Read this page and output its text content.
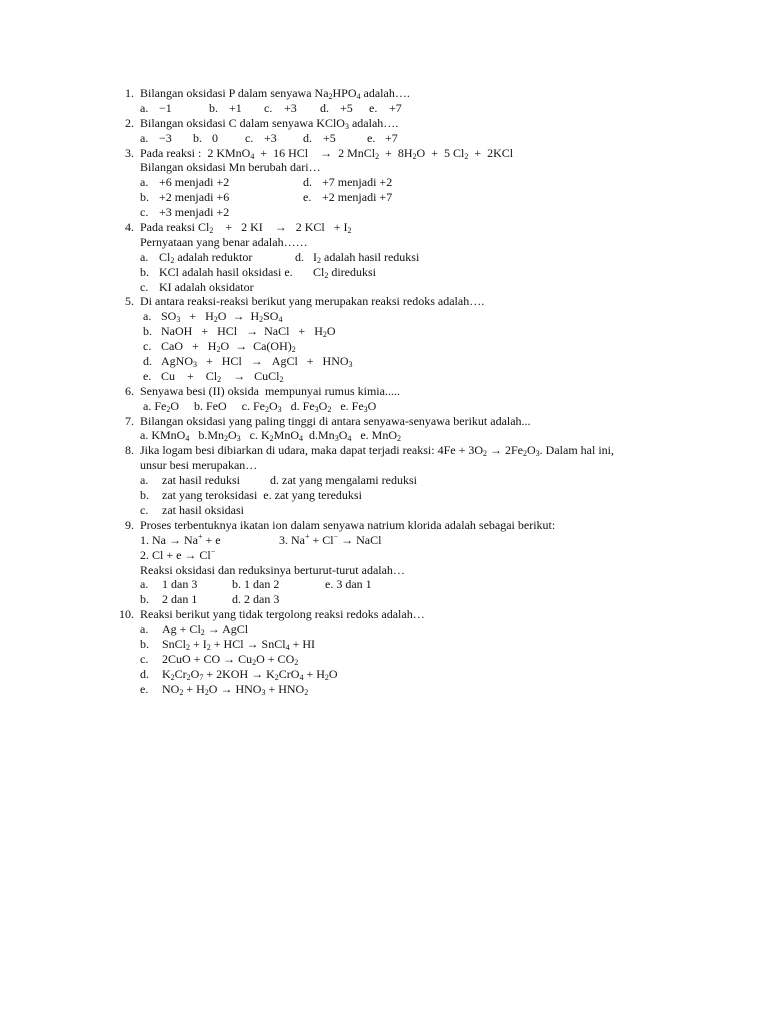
1. Bilangan oksidasi P dalam senyawa $Na_2HPO_4$ adalah….
a. −1	b. +1 c. +3 d. +5 e. +7
2. Bilangan oksidasi C dalam senyawa KClO$_3$ adalah….
a. −3 b. 0 c. +3 d. +5	e. +7
3. Pada reaksi :  2 KMnO$_4$  +  16 HCl    →  2 MnCl$_2$  +  $8H_2O + 5$ $Cl_2 + 2KCl$
Bilangan oksidasi Mn berubah dari…
a. +6 menjadi +2	d. +7 menjadi +2
b. +2 menjadi +6	e. +2 menjadi +7
c. +3 menjadi +2
4. Pada reaksi $Cl_2$    +   2 KI    →   2 KCl   + $I_2$
Pernyataan yang benar adalah……
a. $Cl_2$ adalah reduktor	d. $I_2$ adalah hasil reduksi
b. KCl adalah hasil oksidasi e. $Cl_2$ direduksi
c. KI adalah oksidator
5. Di antara reaksi-reaksi berikut yang merupakan reaksi redoks adalah….
a. $SO_3 + H_2O \to H_2SO_4$
b. NaOH   +   HCl   →  NaCl   +   $H_2O$
c. CaO   +   $H_2O \to Ca(OH)_2$
d. AgNO$_3$   +   HCl   →   AgCl   +   $HNO_3$
e. Cu    +    $Cl_2$    →   CuCl$_2$
6. Senyawa besi (II) oksida  mempunyai rumus kimia.....
a. $Fe_2O$     b. FeO     c. $Fe_2O_3$   d. $Fe_3O_2$   e. $Fe_3O$
7. Bilangan oksidasi yang paling tinggi di antara senyawa-senyawa berikut adalah...
a. KMnO$_4$   $b.Mn_2O_3$   c. $K_2MnO_4$  $d.Mn_3O_4$   e. MnO$_2$
8. Jika logam besi dibiarkan di udara, maka dapat terjadi reaksi: $4Fe + 3O_2 \to 2Fe_2O_3$. Dalam hal ini,
unsur besi merupakan…
a. zat hasil reduksi	d. zat yang mengalami reduksi
b. zat yang teroksidasi  e. zat yang tereduksi
c. zat hasil oksidasi
9. Proses terbentuknya ikatan ion dalam senyawa natrium klorida adalah sebagai berikut:
1. Na → Na+ + e	3. Na+ + Cl− → NaCl
2. Cl + e → Cl−
Reaksi oksidasi dan reduksinya berturut-turut adalah…
a. 1 dan 3	b. 1 dan 2	e. 3 dan 1
b. 2 dan 1	d. 2 dan 3
10. Reaksi berikut yang tidak tergolong reaksi redoks adalah…
a. $Ag + Cl_2$ → AgCl
b. SnCl$_2$ + $I_2$ + HCl → SnCl$_4$ + HI
c. 2CuO + CO → $Cu_2O + CO_2$
d. $K_2Cr_2O_7 + 2KOH \to K_2CrO_4 + H_2O$
e. $NO_2 + H_2O \to HNO_3 + HNO_2$
